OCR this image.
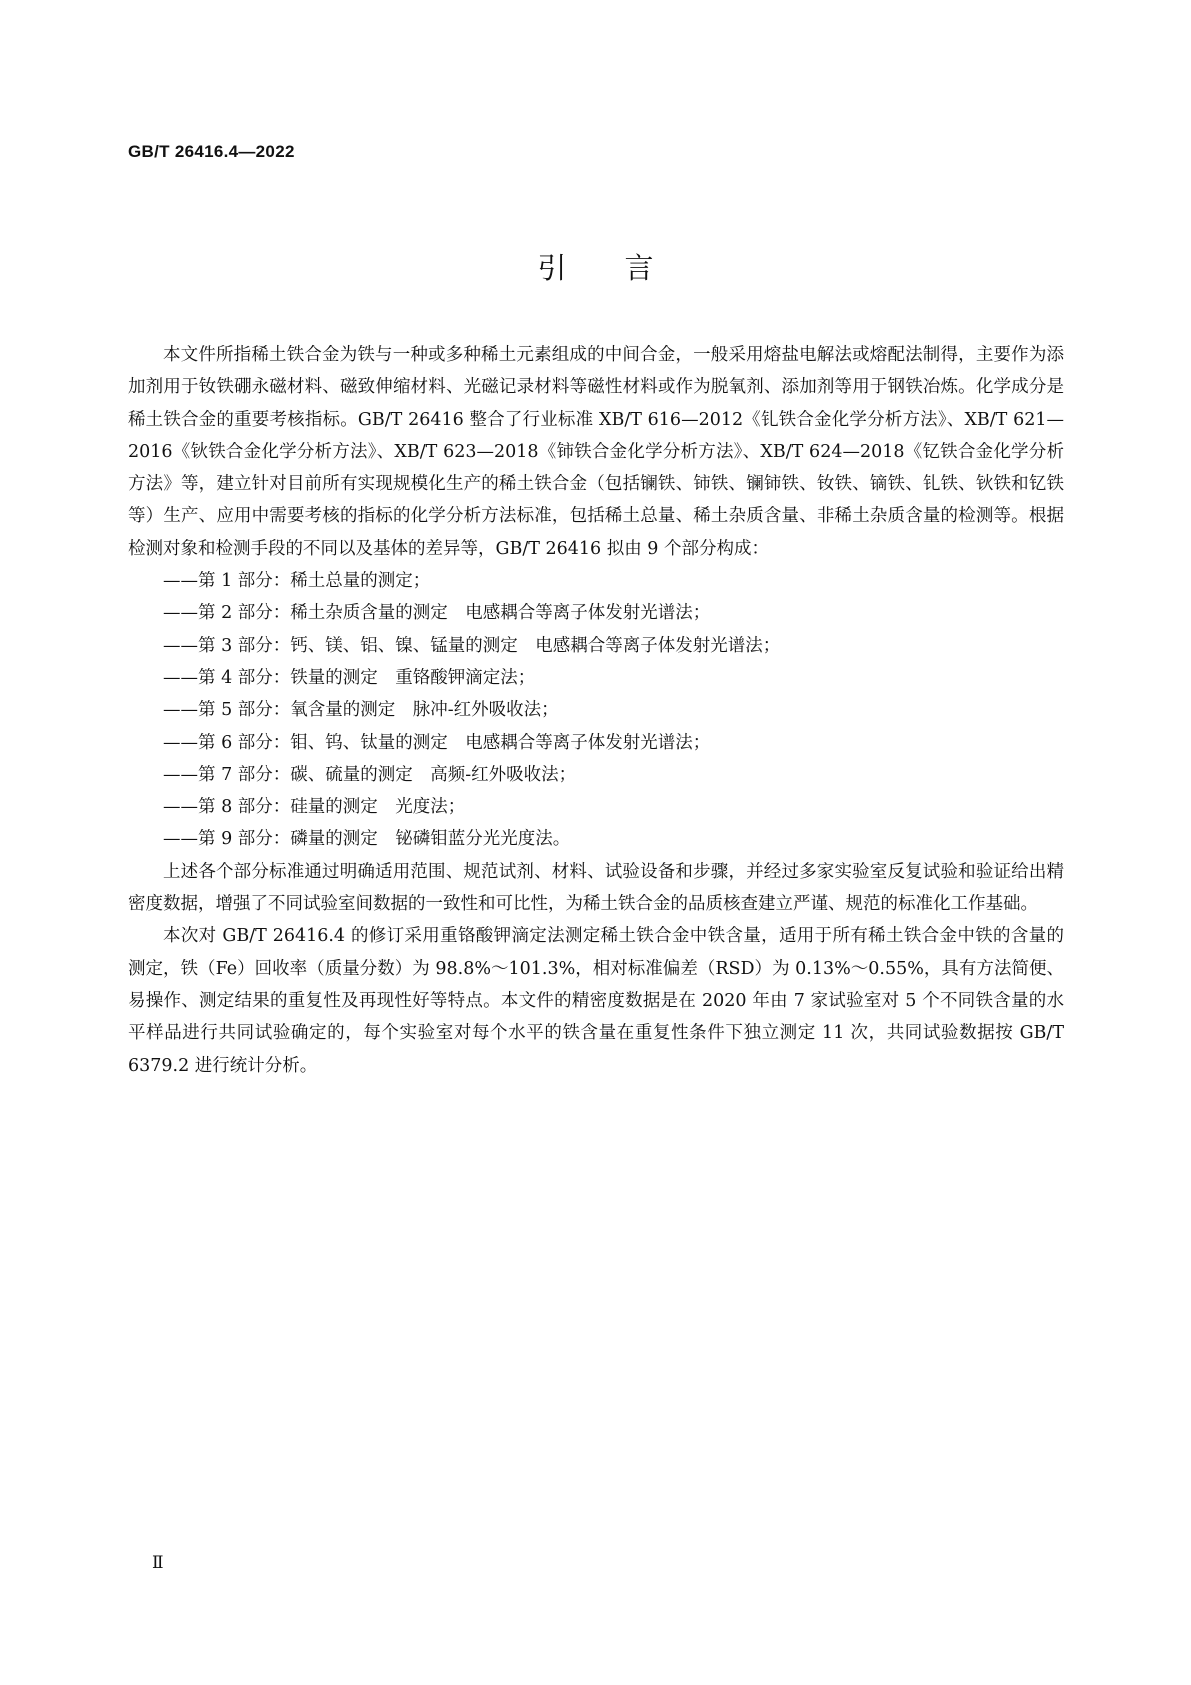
GB/T 26416.4—2022
引言

本文件所指稀土铁合金为铁与一种或多种稀土元素组成的中间合金，一般采用熔盐电解法或熔配法制得，主要作为添加剂用于钕铁硼永磁材料、磁致伸缩材料、光磁记录材料等磁性材料或作为脱氧剂、添加剂等用于钢铁冶炼。化学成分是稀土铁合金的重要考核指标。GB/T 26416 整合了行业标准 XB/T 616—2012《钆铁合金化学分析方法》、XB/T 621—2016《钬铁合金化学分析方法》、XB/T 623—2018《铈铁合金化学分析方法》、XB/T 624—2018《钇铁合金化学分析方法》等，建立针对目前所有实现规模化生产的稀土铁合金（包括镧铁、铈铁、镧铈铁、钕铁、镝铁、钆铁、钬铁和钇铁等）生产、应用中需要考核的指标的化学分析方法标准，包括稀土总量、稀土杂质含量、非稀土杂质含量的检测等。根据检测对象和检测手段的不同以及基体的差异等，GB/T 26416 拟由 9 个部分构成：

——第 1 部分：稀土总量的测定；
——第 2 部分：稀土杂质含量的测定　电感耦合等离子体发射光谱法；
——第 3 部分：钙、镁、铝、镍、锰量的测定　电感耦合等离子体发射光谱法；
——第 4 部分：铁量的测定　重铬酸钾滴定法；
——第 5 部分：氧含量的测定　脉冲-红外吸收法；
——第 6 部分：钼、钨、钛量的测定　电感耦合等离子体发射光谱法；
——第 7 部分：碳、硫量的测定　高频-红外吸收法；
——第 8 部分：硅量的测定　光度法；
——第 9 部分：磷量的测定　铋磷钼蓝分光光度法。

上述各个部分标准通过明确适用范围、规范试剂、材料、试验设备和步骤，并经过多家实验室反复试验和验证给出精密度数据，增强了不同试验室间数据的一致性和可比性，为稀土铁合金的品质核查建立严谨、规范的标准化工作基础。

本次对 GB/T 26416.4 的修订采用重铬酸钾滴定法测定稀土铁合金中铁含量，适用于所有稀土铁合金中铁的含量的测定，铁（Fe）回收率（质量分数）为 98.8%～101.3%，相对标准偏差（RSD）为 0.13%～0.55%，具有方法简便、易操作、测定结果的重复性及再现性好等特点。本文件的精密度数据是在 2020 年由 7 家试验室对 5 个不同铁含量的水平样品进行共同试验确定的，每个实验室对每个水平的铁含量在重复性条件下独立测定 11 次，共同试验数据按 GB/T 6379.2 进行统计分析。

Ⅱ
